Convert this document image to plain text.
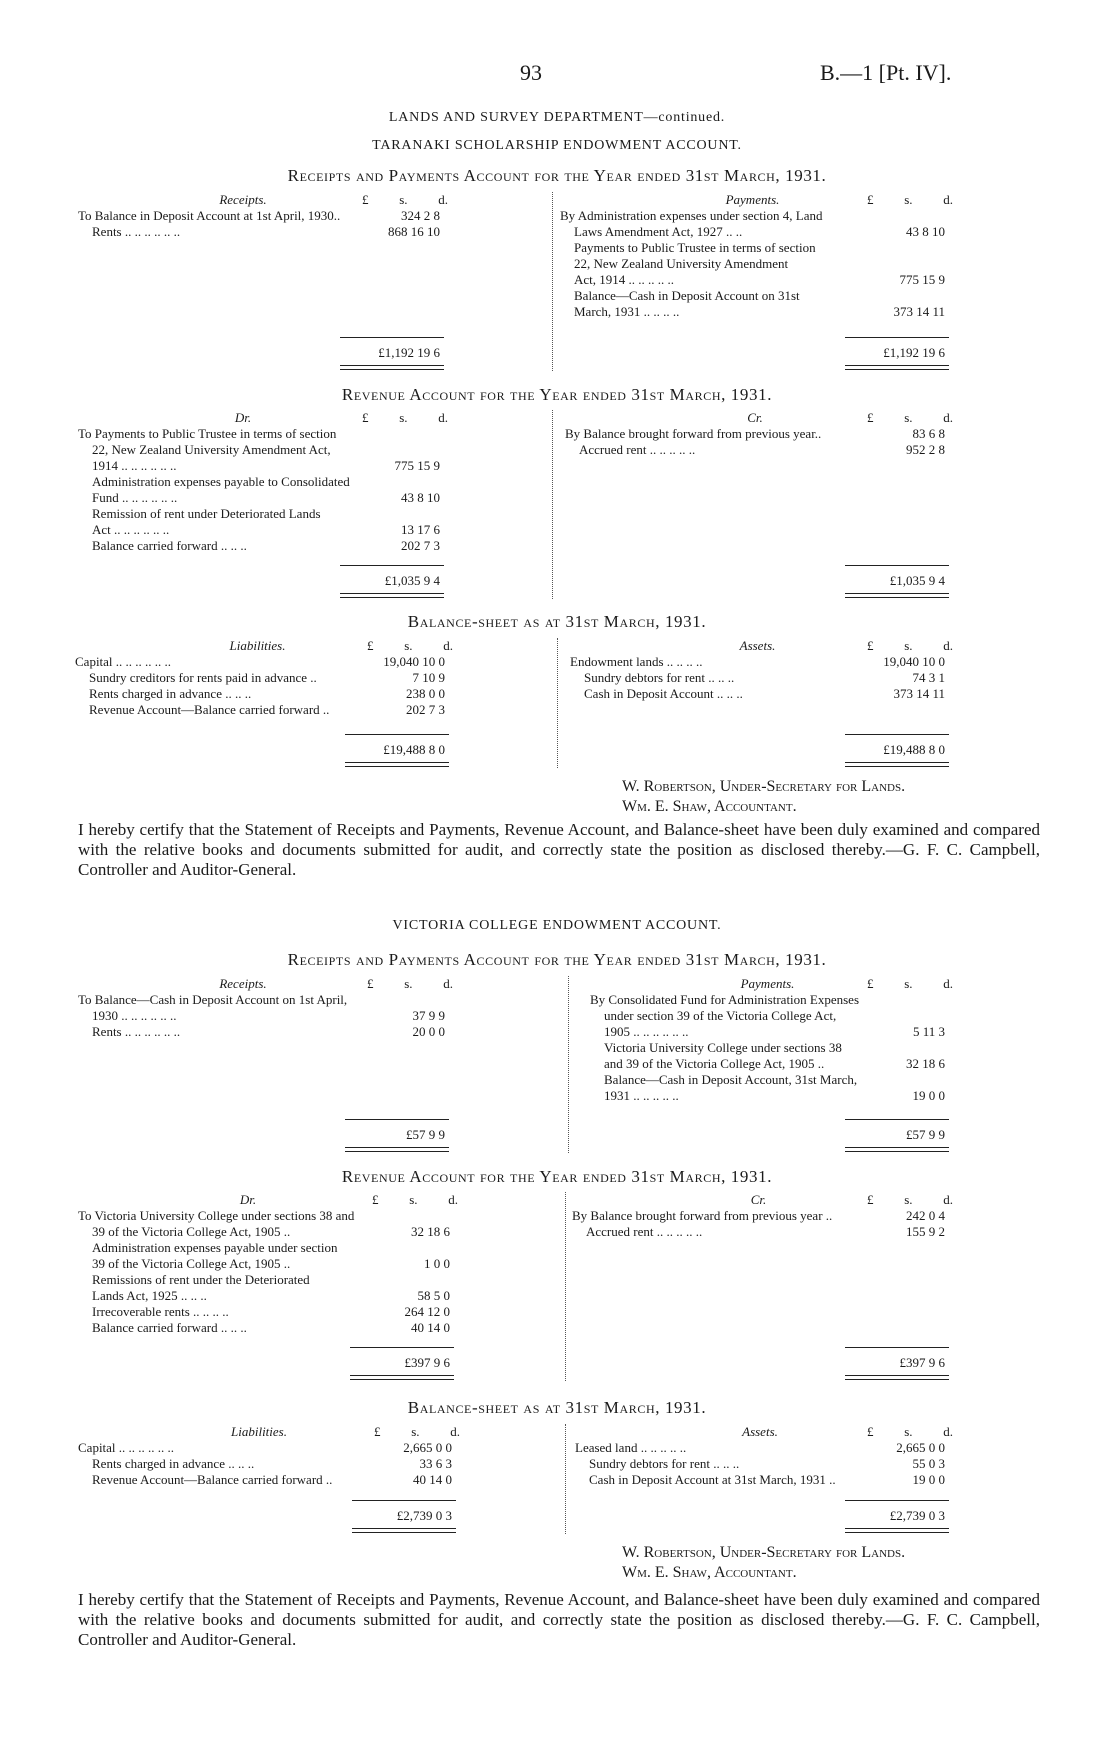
93	B.—1 [Pt. IV].
LANDS AND SURVEY DEPARTMENT—continued.
TARANAKI SCHOLARSHIP ENDOWMENT ACCOUNT.
Receipts and Payments Account for the Year ended 31st March, 1931.
Receipts.	Payments.
£ s. d.	£ s. d.
To Balance in Deposit Account at 1st April, 1930..	324 2 8
Rents .. .. .. .. .. ..	868 16 10
By Administration expenses under section 4, Land
Laws Amendment Act, 1927 .. ..	43 8 10
Payments to Public Trustee in terms of section
22, New Zealand University Amendment
Act, 1914 .. .. .. .. ..	775 15 9
Balance—Cash in Deposit Account on 31st
March, 1931 .. .. .. ..	373 14 11
£1,192 19 6	£1,192 19 6
Revenue Account for the Year ended 31st March, 1931.
Dr.	Cr.
£ s. d.	£ s. d.
To Payments to Public Trustee in terms of section
22, New Zealand University Amendment Act,
1914 .. .. .. .. .. ..	775 15 9
Administration expenses payable to Consolidated
Fund .. .. .. .. .. ..	43 8 10
Remission of rent under Deteriorated Lands
Act .. .. .. .. .. ..	13 17 6
Balance carried forward .. .. ..	202 7 3
By Balance brought forward from previous year..	83 6 8
Accrued rent .. .. .. .. ..	952 2 8
£1,035 9 4	£1,035 9 4
Balance-sheet as at 31st March, 1931.
Liabilities.	Assets.
£ s. d.	£ s. d.
Capital .. .. .. .. .. ..	19,040 10 0
Sundry creditors for rents paid in advance ..	7 10 9
Rents charged in advance .. .. ..	238 0 0
Revenue Account—Balance carried forward ..	202 7 3
Endowment lands .. .. .. ..	19,040 10 0
Sundry debtors for rent .. .. ..	74 3 1
Cash in Deposit Account .. .. ..	373 14 11
£19,488 8 0	£19,488 8 0
W. Robertson, Under-Secretary for Lands.
Wm. E. Shaw, Accountant.
I hereby certify that the Statement of Receipts and Payments, Revenue Account, and Balance-sheet have been duly examined and compared with the relative books and documents submitted for audit, and correctly state the position as disclosed thereby.—G. F. C. Campbell, Controller and Auditor-General.
VICTORIA COLLEGE ENDOWMENT ACCOUNT.
Receipts and Payments Account for the Year ended 31st March, 1931.
Receipts.	Payments.
£ s. d.	£ s. d.
To Balance—Cash in Deposit Account on 1st April,
1930 .. .. .. .. .. ..	37 9 9
Rents .. .. .. .. .. ..	20 0 0
By Consolidated Fund for Administration Expenses
under section 39 of the Victoria College Act,
1905 .. .. .. .. .. ..	5 11 3
Victoria University College under sections 38
and 39 of the Victoria College Act, 1905 ..	32 18 6
Balance—Cash in Deposit Account, 31st March,
1931 .. .. .. .. ..	19 0 0
£57 9 9	£57 9 9
Revenue Account for the Year ended 31st March, 1931.
Dr.	Cr.
£ s. d.	£ s. d.
To Victoria University College under sections 38 and
39 of the Victoria College Act, 1905 ..	32 18 6
Administration expenses payable under section
39 of the Victoria College Act, 1905 ..	1 0 0
Remissions of rent under the Deteriorated
Lands Act, 1925 .. .. ..	58 5 0
Irrecoverable rents .. .. .. ..	264 12 0
Balance carried forward .. .. ..	40 14 0
By Balance brought forward from previous year ..	242 0 4
Accrued rent .. .. .. .. ..	155 9 2
£397 9 6	£397 9 6
Balance-sheet as at 31st March, 1931.
Liabilities.	Assets.
£ s. d.	£ s. d.
Capital .. .. .. .. .. ..	2,665 0 0
Rents charged in advance .. .. ..	33 6 3
Revenue Account—Balance carried forward ..	40 14 0
Leased land .. .. .. .. ..	2,665 0 0
Sundry debtors for rent .. .. ..	55 0 3
Cash in Deposit Account at 31st March, 1931 ..	19 0 0
£2,739 0 3	£2,739 0 3
W. Robertson, Under-Secretary for Lands.
Wm. E. Shaw, Accountant.
I hereby certify that the Statement of Receipts and Payments, Revenue Account, and Balance-sheet have been duly examined and compared with the relative books and documents submitted for audit, and correctly state the position as disclosed thereby.—G. F. C. Campbell, Controller and Auditor-General.
